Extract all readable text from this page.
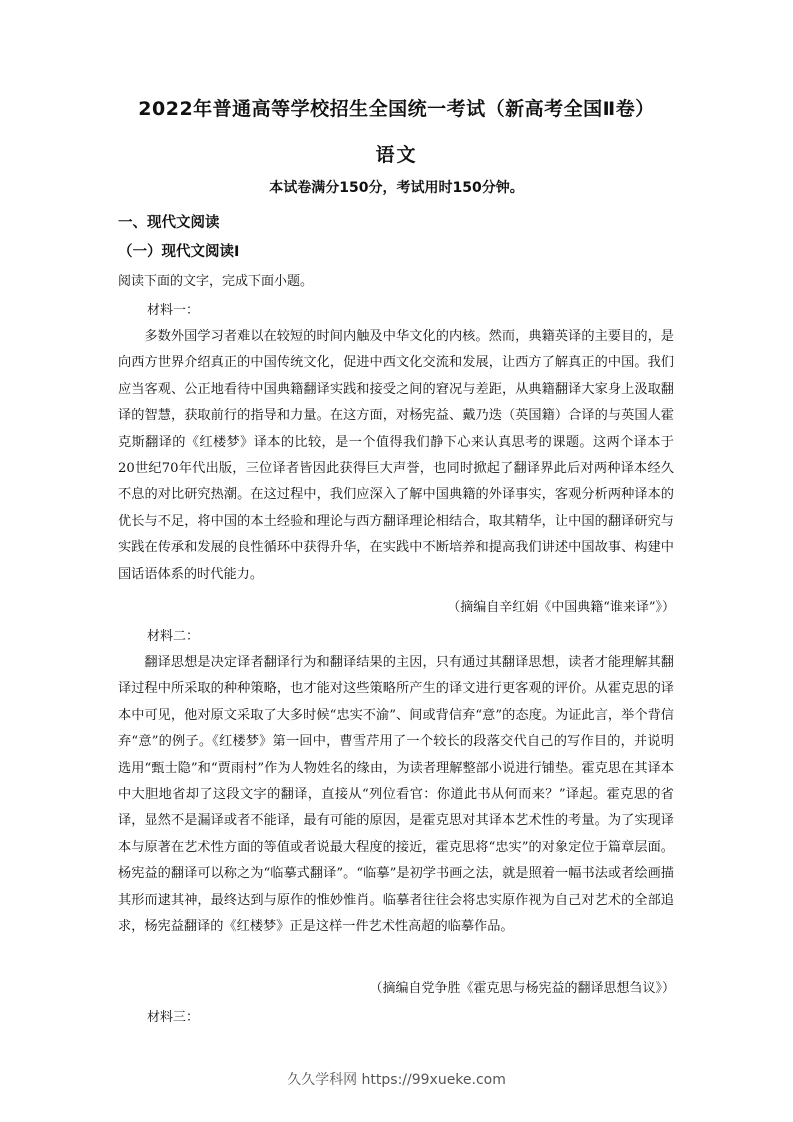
2022年普通高等学校招生全国统一考试（新高考全国Ⅱ卷）
语文
本试卷满分150分，考试用时150分钟。
一、现代文阅读
（一）现代文阅读Ⅰ
阅读下面的文字，完成下面小题。
材料一：

多数外国学习者难以在较短的时间内触及中华文化的内核。然而，典籍英译的主要目的，是向西方世界介绍真正的中国传统文化，促进中西文化交流和发展，让西方了解真正的中国。我们应当客观、公正地看待中国典籍翻译实践和接受之间的窘况与差距，从典籍翻译大家身上汲取翻译的智慧，获取前行的指导和力量。在这方面，对杨宪益、戴乃迭（英国籍）合译的与英国人霍克斯翻译的《红楼梦》译本的比较，是一个值得我们静下心来认真思考的课题。这两个译本于20世纪70年代出版，三位译者皆因此获得巨大声誉，也同时掀起了翻译界此后对两种译本经久不息的对比研究热潮。在这过程中，我们应深入了解中国典籍的外译事实，客观分析两种译本的优长与不足，将中国的本土经验和理论与西方翻译理论相结合，取其精华，让中国的翻译研究与实践在传承和发展的良性循环中获得升华，在实践中不断培养和提高我们讲述中国故事、构建中国话语体系的时代能力。

（摘编自辛红娟《中国典籍“谁来译”》）
材料二：

翻译思想是决定译者翻译行为和翻译结果的主因，只有通过其翻译思想，读者才能理解其翻译过程中所采取的种种策略，也才能对这些策略所产生的译文进行更客观的评价。从霍克思的译本中可见，他对原文采取了大多时候“忠实不渝”、间或背信弃“意”的态度。为证此言，举个背信弃“意”的例子。《红楼梦》第一回中，曹雪芹用了一个较长的段落交代自己的写作目的，并说明选用“甄士隐”和“贾雨村”作为人物姓名的缘由，为读者理解整部小说进行铺垫。霍克思在其译本中大胆地省却了这段文字的翻译，直接从“列位看官：你道此书从何而来？”译起。霍克思的省译，显然不是漏译或者不能译，最有可能的原因，是霍克思对其译本艺术性的考量。为了实现译本与原著在艺术性方面的等值或者说最大程度的接近，霍克思将“忠实”的对象定位于篇章层面。杨宪益的翻译可以称之为“临摹式翻译”。“临摹”是初学书画之法，就是照着一幅书法或者绘画描其形而逮其神，最终达到与原作的惟妙惟肖。临摹者往往会将忠实原作视为自己对艺术的全部追求，杨宪益翻译的《红楼梦》正是这样一件艺术性高超的临摹作品。

（摘编自党争胜《霍克思与杨宪益的翻译思想刍议》）
材料三：
久久学科网 https://99xueke.com
